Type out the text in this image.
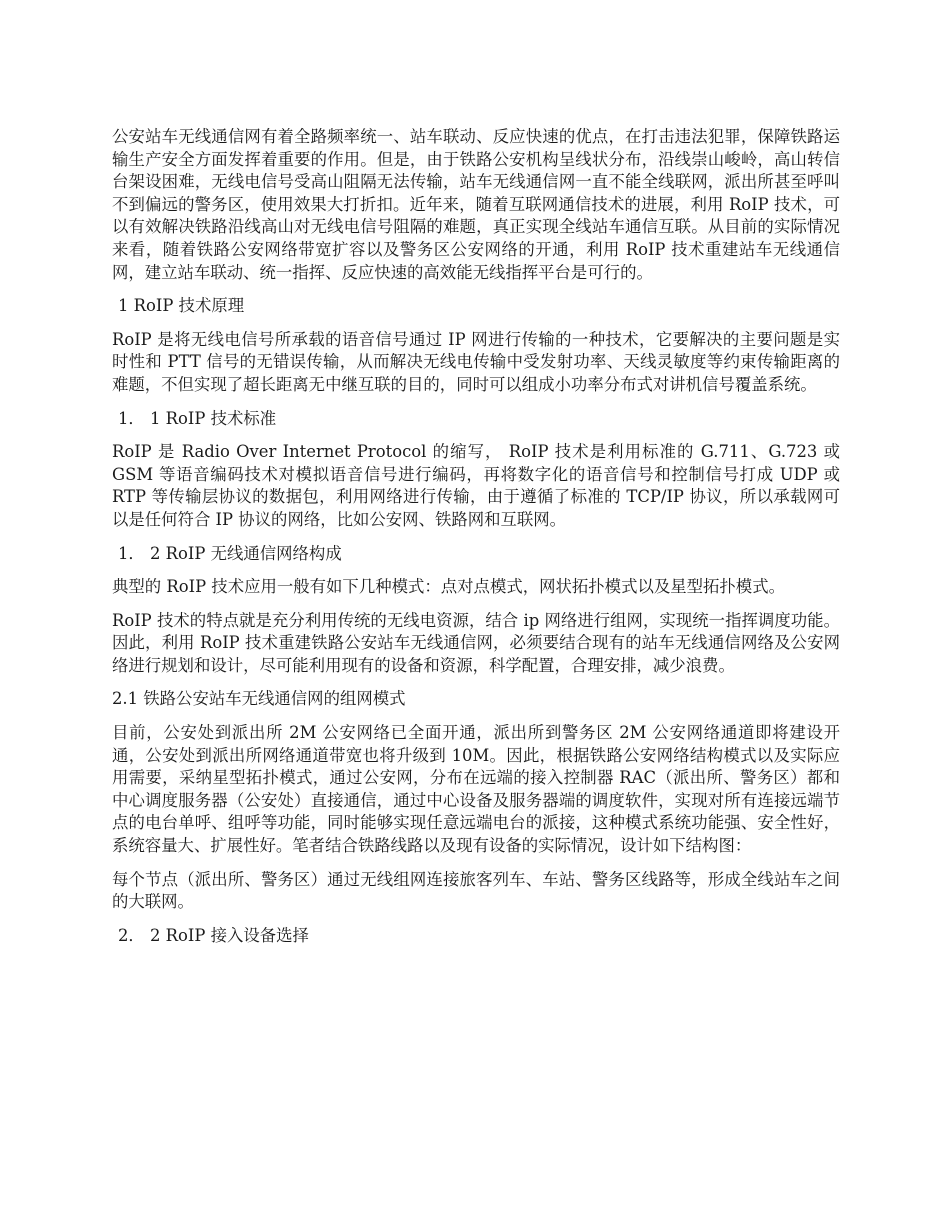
公安站车无线通信网有着全路频率统一、站车联动、反应快速的优点，在打击违法犯罪，保障铁路运输生产安全方面发挥着重要的作用。但是，由于铁路公安机构呈线状分布，沿线崇山峻岭，高山转信台架设困难，无线电信号受高山阻隔无法传输，站车无线通信网一直不能全线联网，派出所甚至呼叫不到偏远的警务区，使用效果大打折扣。近年来，随着互联网通信技术的进展，利用 RoIP 技术，可以有效解决铁路沿线高山对无线电信号阻隔的难题，真正实现全线站车通信互联。从目前的实际情况来看，随着铁路公安网络带宽扩容以及警务区公安网络的开通，利用 RoIP 技术重建站车无线通信网，建立站车联动、统一指挥、反应快速的高效能无线指挥平台是可行的。

1 RoIP 技术原理

RoIP 是将无线电信号所承载的语音信号通过 IP 网进行传输的一种技术，它要解决的主要问题是实时性和 PTT 信号的无错误传输，从而解决无线电传输中受发射功率、天线灵敏度等约束传输距离的难题，不但实现了超长距离无中继互联的目的，同时可以组成小功率分布式对讲机信号覆盖系统。

1． 1 RoIP 技术标准

RoIP 是 Radio Over Internet Protocol 的缩写， RoIP 技术是利用标准的 G.711、G.723 或 GSM 等语音编码技术对模拟语音信号进行编码，再将数字化的语音信号和控制信号打成 UDP 或 RTP 等传输层协议的数据包，利用网络进行传输，由于遵循了标准的 TCP/IP 协议，所以承载网可以是任何符合 IP 协议的网络，比如公安网、铁路网和互联网。

1． 2 RoIP 无线通信网络构成

典型的 RoIP 技术应用一般有如下几种模式：点对点模式，网状拓扑模式以及星型拓扑模式。

RoIP 技术的特点就是充分利用传统的无线电资源，结合 ip 网络进行组网，实现统一指挥调度功能。因此，利用 RoIP 技术重建铁路公安站车无线通信网，必须要结合现有的站车无线通信网络及公安网络进行规划和设计，尽可能利用现有的设备和资源，科学配置，合理安排，减少浪费。

2.1 铁路公安站车无线通信网的组网模式

目前，公安处到派出所 2M 公安网络已全面开通，派出所到警务区 2M 公安网络通道即将建设开通，公安处到派出所网络通道带宽也将升级到 10M。因此，根据铁路公安网络结构模式以及实际应用需要，采纳星型拓扑模式，通过公安网，分布在远端的接入控制器 RAC（派出所、警务区）都和中心调度服务器（公安处）直接通信，通过中心设备及服务器端的调度软件，实现对所有连接远端节点的电台单呼、组呼等功能，同时能够实现任意远端电台的派接，这种模式系统功能强、安全性好，系统容量大、扩展性好。笔者结合铁路线路以及现有设备的实际情况，设计如下结构图：

每个节点（派出所、警务区）通过无线组网连接旅客列车、车站、警务区线路等，形成全线站车之间的大联网。

2． 2 RoIP 接入设备选择
